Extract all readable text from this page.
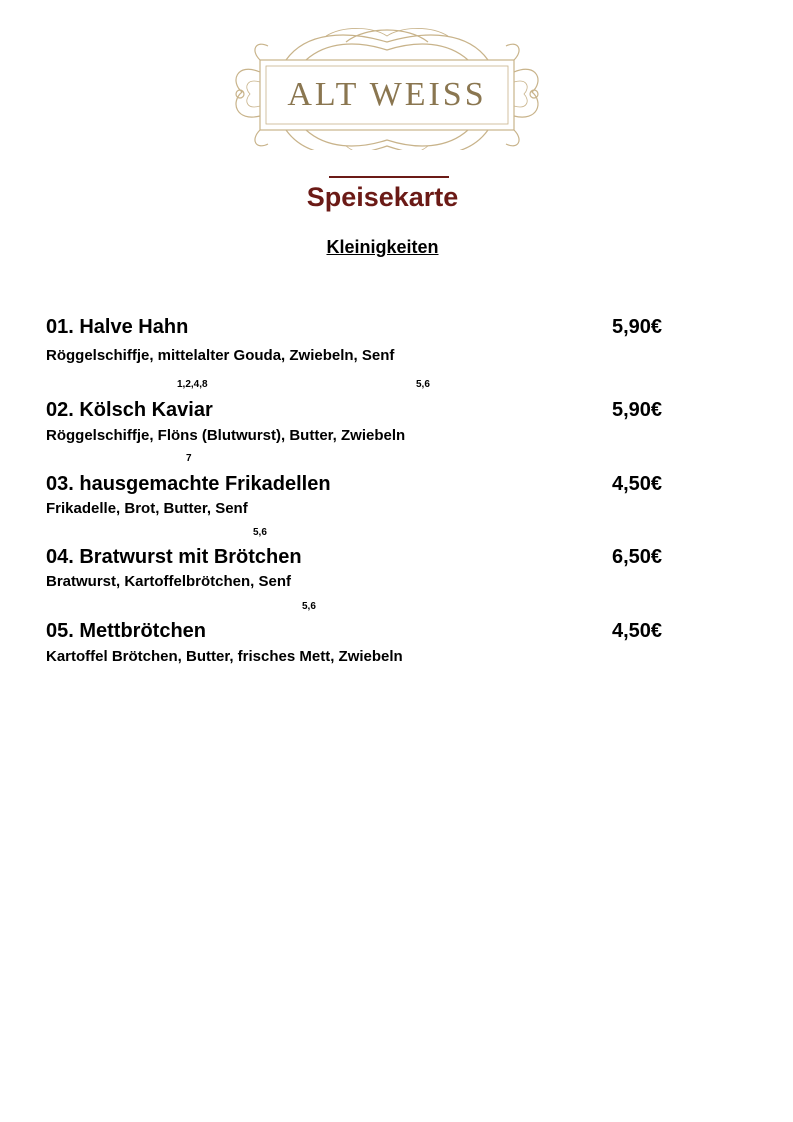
ALT WEISS
Speisekarte
Kleinigkeiten
01. Halve Hahn	5,90€
Röggelschiffje, mittelalter Gouda, Zwiebeln, Senf
1,2,4,8	5,6
02. Kölsch Kaviar	5,90€
Röggelschiffje, Flöns (Blutwurst), Butter, Zwiebeln
7
03. hausgemachte Frikadellen	4,50€
Frikadelle, Brot, Butter, Senf
5,6
04. Bratwurst mit Brötchen	6,50€
Bratwurst, Kartoffelbrötchen, Senf
5,6
05. Mettbrötchen	4,50€
Kartoffel Brötchen, Butter, frisches Mett, Zwiebeln
